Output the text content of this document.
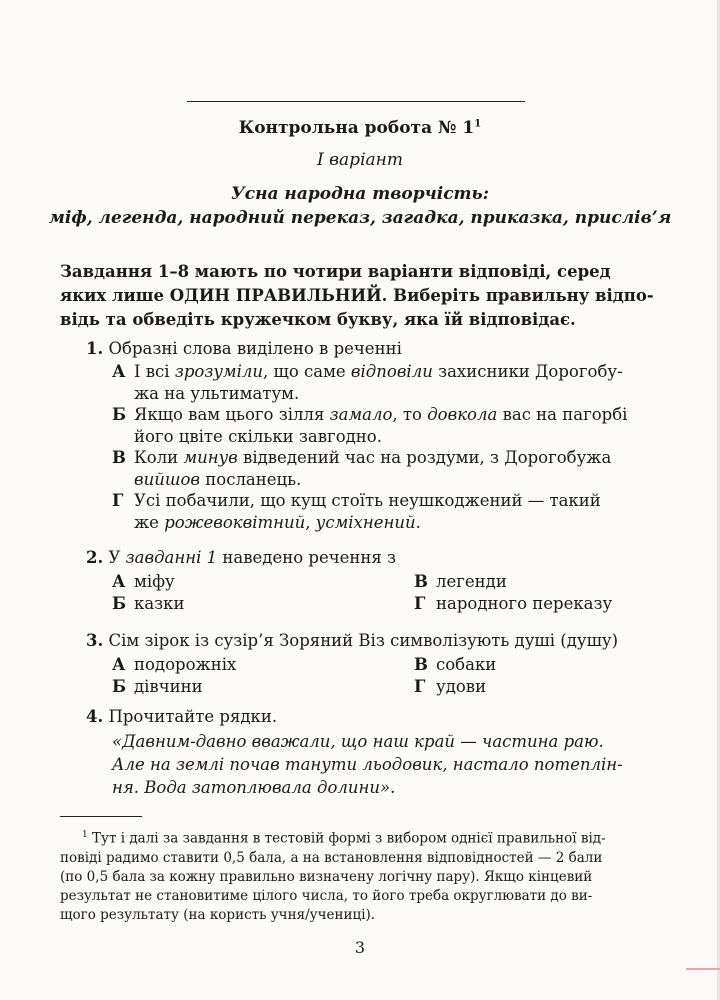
Контрольна робота № $1^1$
I варіант
Усна народна творчість:
міф, легенда, народний переказ, загадка, приказка, прислів’я
Завдання 1–8 мають по чотири варіанти відповіді, серед
яких лише ОДИН ПРАВИЛЬНИЙ. Виберіть правильну відпо-
відь та обведіть кружечком букву, яка їй відповідає.
1. Образні слова виділено в реченні
А І всі зрозуміли, що саме відповіли захисники Дорогобу-
жа на ультиматум.
Б Якщо вам цього зілля замало, то довкола вас на пагорбі
його цвіте скільки завгодно.
В Коли минув відведений час на роздуми, з Дорогобужа
вийшов посланець.
Г Усі побачили, що кущ стоїть неушкоджений — такий
же рожевоквітний, усміхнений.
2. У завданні 1 наведено речення з
А міфу	В легенди
Б казки	Г народного переказу
3. Сім зірок із сузір’я Зоряний Віз символізують душі (душу)
А подорожніх	В собаки
Б дівчини	Г удови
4. Прочитайте рядки.
«Давним-давно вважали, що наш край — частина раю.
Але на землі почав танути льодовик, настало потеплін-
ня. Вода затоплювала долини».
$^1$ Тут і далі за завдання в тестовій формі з вибором однієї правильної від-
повіді радимо ставити 0,5 бала, а на встановлення відповідностей — 2 бали
(по 0,5 бала за кожну правильно визначену логічну пару). Якщо кінцевий
результат не становитиме цілого числа, то його треба округлювати до ви-
щого результату (на користь учня/учениці).
3
